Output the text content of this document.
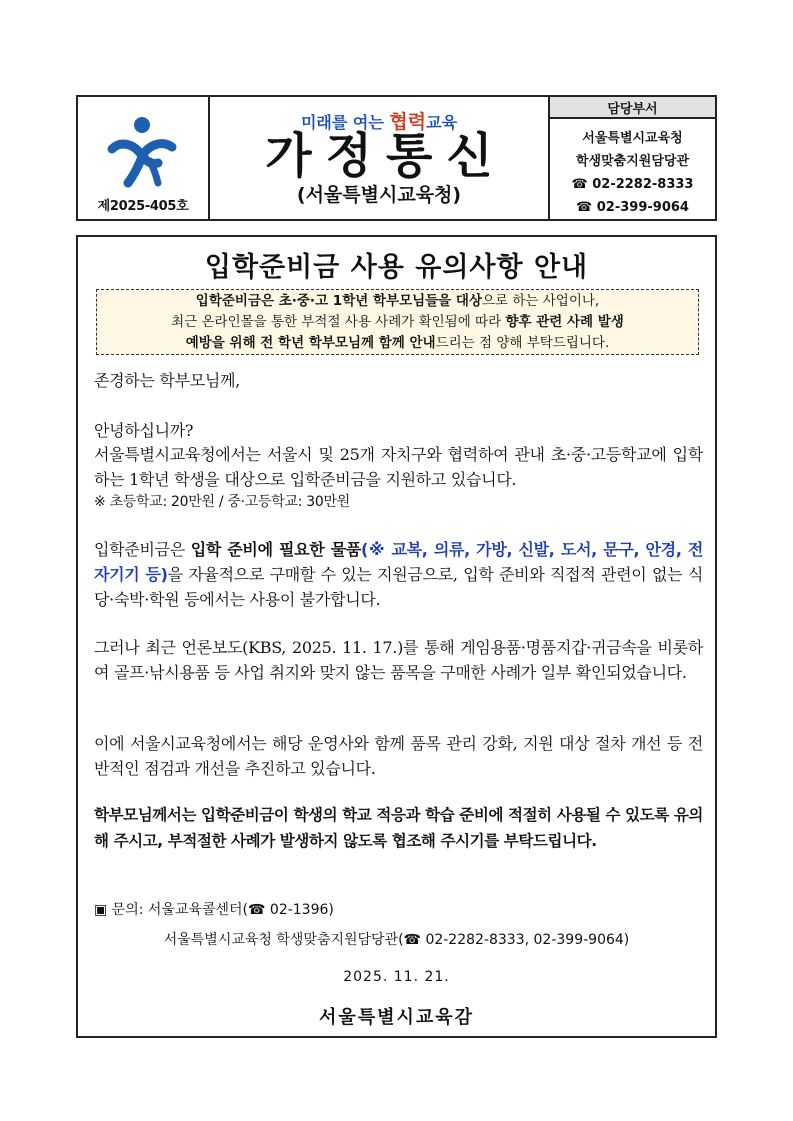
제2025-405호
미래를 여는 협력교육
가정통신
(서울특별시교육청)
담당부서
서울특별시교육청
학생맞춤지원담당관
☎ 02-2282-8333
☎ 02-399-9064
입학준비금 사용 유의사항 안내
입학준비금은 초·중·고 1학년 학부모님들을 대상으로 하는 사업이나,
최근 온라인몰을 통한 부적절 사용 사례가 확인됨에 따라 향후 관련 사례 발생
예방을 위해 전 학년 학부모님께 함께 안내드리는 점 양해 부탁드립니다.
존경하는 학부모님께,
안녕하십니까?
서울특별시교육청에서는 서울시 및 25개 자치구와 협력하여 관내 초·중·고등학교에 입학하는 1학년 학생을 대상으로 입학준비금을 지원하고 있습니다.
※ 초등학교: 20만원 / 중·고등학교: 30만원
입학준비금은 입학 준비에 필요한 물품(※ 교복, 의류, 가방, 신발, 도서, 문구, 안경, 전자기기 등)을 자율적으로 구매할 수 있는 지원금으로, 입학 준비와 직접적 관련이 없는 식당·숙박·학원 등에서는 사용이 불가합니다.
그러나 최근 언론보도(KBS, 2025. 11. 17.)를 통해 게임용품·명품지갑·귀금속을 비롯하여 골프·낚시용품 등 사업 취지와 맞지 않는 품목을 구매한 사례가 일부 확인되었습니다.
이에 서울시교육청에서는 해당 운영사와 함께 품목 관리 강화, 지원 대상 절차 개선 등 전반적인 점검과 개선을 추진하고 있습니다.
학부모님께서는 입학준비금이 학생의 학교 적응과 학습 준비에 적절히 사용될 수 있도록 유의해 주시고, 부적절한 사례가 발생하지 않도록 협조해 주시기를 부탁드립니다.
▣ 문의: 서울교육콜센터(☎ 02-1396)
서울특별시교육청 학생맞춤지원담당관(☎ 02-2282-8333, 02-399-9064)
2025. 11. 21.
서울특별시교육감
